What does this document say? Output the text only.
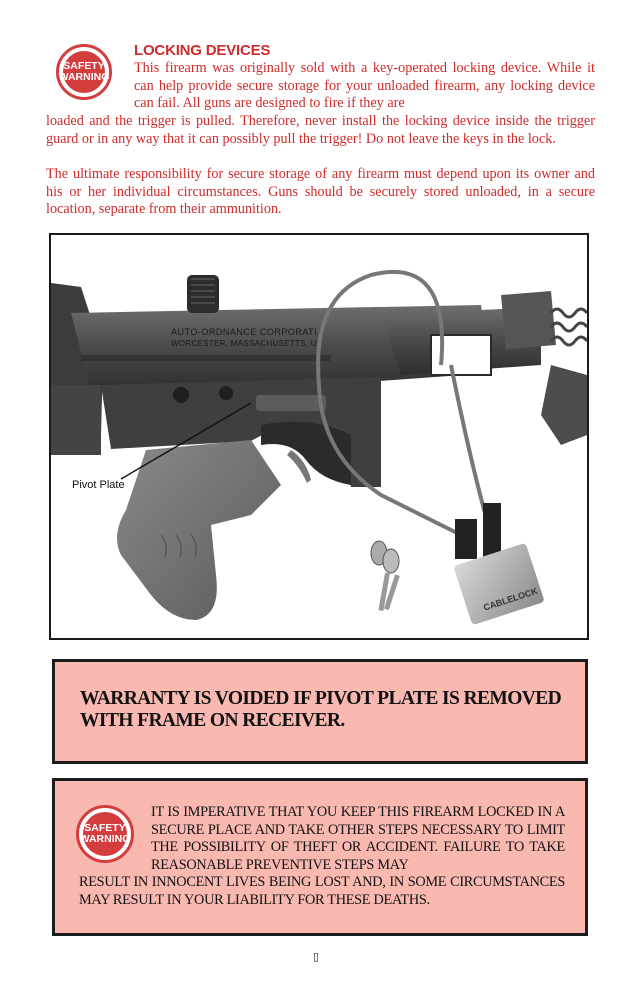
SAFETY
WARNING
LOCKING DEVICES
This firearm was originally sold with a key-operated locking device. While it can help provide secure storage for your unloaded firearm, any locking device can fail. All guns are designed to fire if they are
loaded and the trigger is pulled. Therefore, never install the locking device inside the trigger guard or in any way that it can possibly pull the trigger! Do not leave the keys in the lock.
The ultimate responsibility for secure storage of any firearm must depend upon its owner and his or her individual circumstances. Guns should be securely stored unloaded, in a secure location, separate from their ammunition.
AUTO-ORDNANCE CORPORATI
WORCESTER, MASSACHUSETTS, U
CABLELOCK
Pivot Plate
WARRANTY IS VOIDED IF PIVOT PLATE IS REMOVED WITH FRAME ON RECEIVER.
IT IS IMPERATIVE THAT YOU KEEP THIS FIREARM LOCKED IN A SECURE PLACE AND TAKE OTHER STEPS NECESSARY TO LIMIT THE POSSIBILITY OF THEFT OR ACCIDENT. FAILURE TO TAKE REASONABLE PREVENTIVE STEPS MAY
RESULT IN INNOCENT LIVES BEING LOST AND, IN SOME CIRCUMSTANCES MAY RESULT IN YOUR LIABILITY FOR THESE DEATHS.
SAFETY
WARNING
▯
